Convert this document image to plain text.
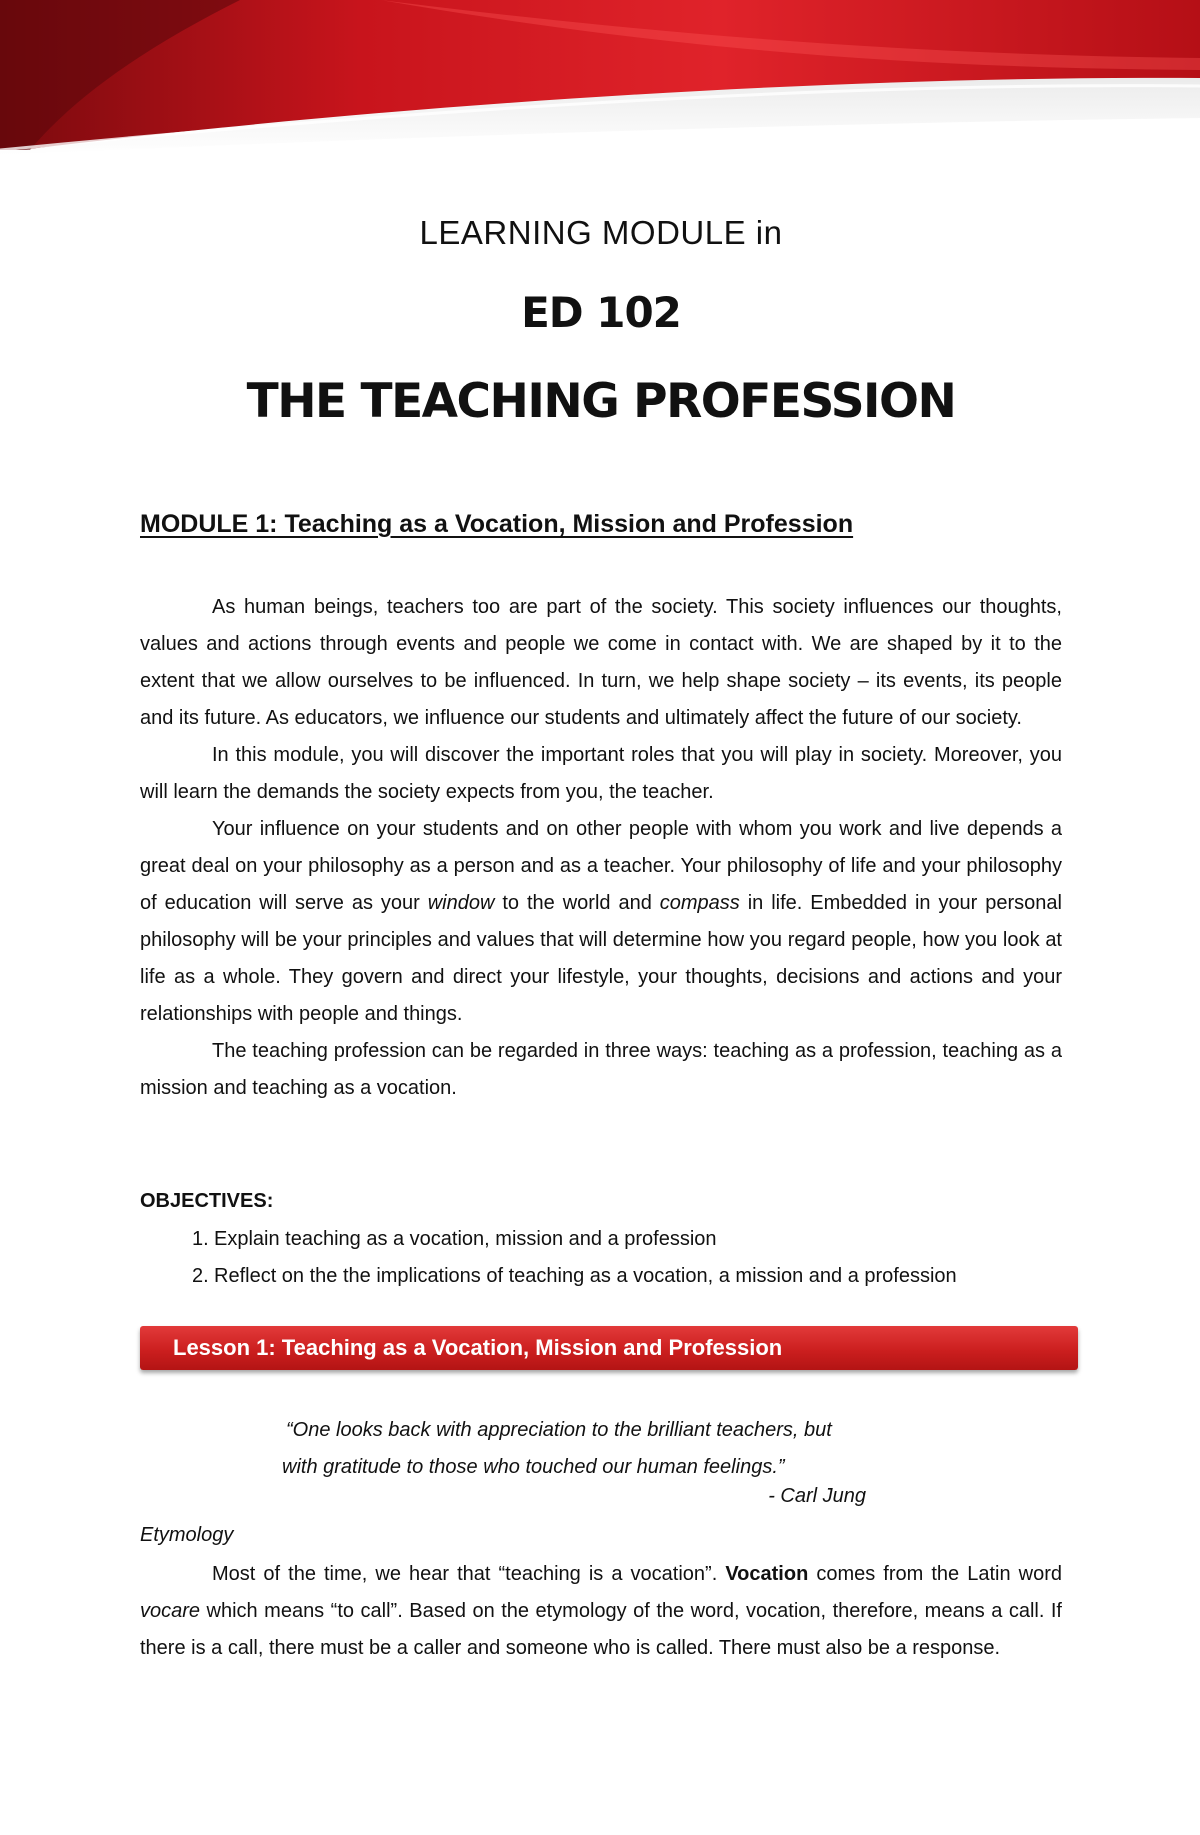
LEARNING MODULE in
ED 102
THE TEACHING PROFESSION
MODULE 1: Teaching as a Vocation, Mission and Profession

As human beings, teachers too are part of the society. This society influences our thoughts, values and actions through events and people we come in contact with. We are shaped by it to the extent that we allow ourselves to be influenced. In turn, we help shape society – its events, its people and its future. As educators, we influence our students and ultimately affect the future of our society.

In this module, you will discover the important roles that you will play in society. Moreover, you will learn the demands the society expects from you, the teacher.

Your influence on your students and on other people with whom you work and live depends a great deal on your philosophy as a person and as a teacher. Your philosophy of life and your philosophy of education will serve as your window to the world and compass in life. Embedded in your personal philosophy will be your principles and values that will determine how you regard people, how you look at life as a whole. They govern and direct your lifestyle, your thoughts, decisions and actions and your relationships with people and things.

The teaching profession can be regarded in three ways: teaching as a profession, teaching as a mission and teaching as a vocation.

OBJECTIVES:
1. Explain teaching as a vocation, mission and a profession
2. Reflect on the the implications of teaching as a vocation, a mission and a profession
Lesson 1: Teaching as a Vocation, Mission and Profession
“One looks back with appreciation to the brilliant teachers, but
with gratitude to those who touched our human feelings.”
- Carl Jung
Etymology

Most of the time, we hear that “teaching is a vocation”. Vocation comes from the Latin word vocare which means “to call”. Based on the etymology of the word, vocation, therefore, means a call. If there is a call, there must be a caller and someone who is called. There must also be a response.
